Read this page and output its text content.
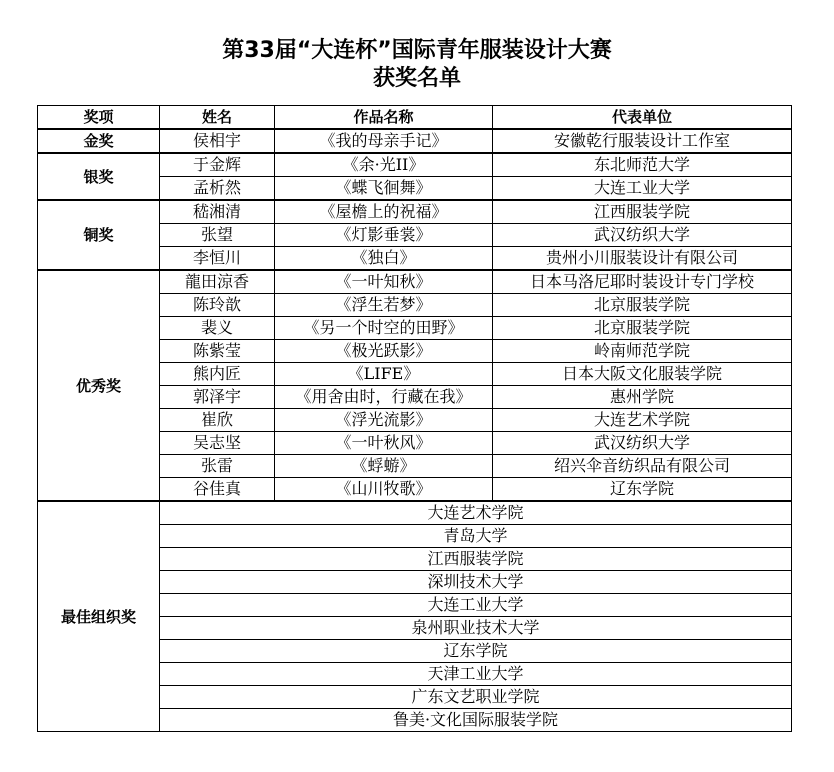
第33届“大连杯”国际青年服装设计大赛
获奖名单
奖项	姓名	作品名称	代表单位
金奖	侯相宇	《我的母亲手记》	安徽乾行服装设计工作室
银奖	于金辉	《余·光II》	东北师范大学
	孟析然	《蝶飞徊舞》	大连工业大学
铜奖	嵇湘清	《屋檐上的祝福》	江西服装学院
	张望	《灯影垂裳》	武汉纺织大学
	李恒川	《独白》	贵州小川服装设计有限公司
优秀奖	龍田涼香	《一叶知秋》	日本马洛尼耶时装设计专门学校
	陈玲歆	《浮生若梦》	北京服装学院
	裴义	《另一个时空的田野》	北京服装学院
	陈紫莹	《极光跃影》	岭南师范学院
	熊内匠	《LIFE》	日本大阪文化服装学院
	郭泽宇	《用舍由时，行藏在我》	惠州学院
	崔欣	《浮光流影》	大连艺术学院
	吴志坚	《一叶秋风》	武汉纺织大学
	张雷	《蜉蝣》	绍兴伞音纺织品有限公司
	谷佳真	《山川牧歌》	辽东学院
最佳组织奖	大连艺术学院		
	青岛大学		
	江西服装学院		
	深圳技术大学		
	大连工业大学		
	泉州职业技术大学		
	辽东学院		
	天津工业大学		
	广东文艺职业学院		
	鲁美·文化国际服装学院		
